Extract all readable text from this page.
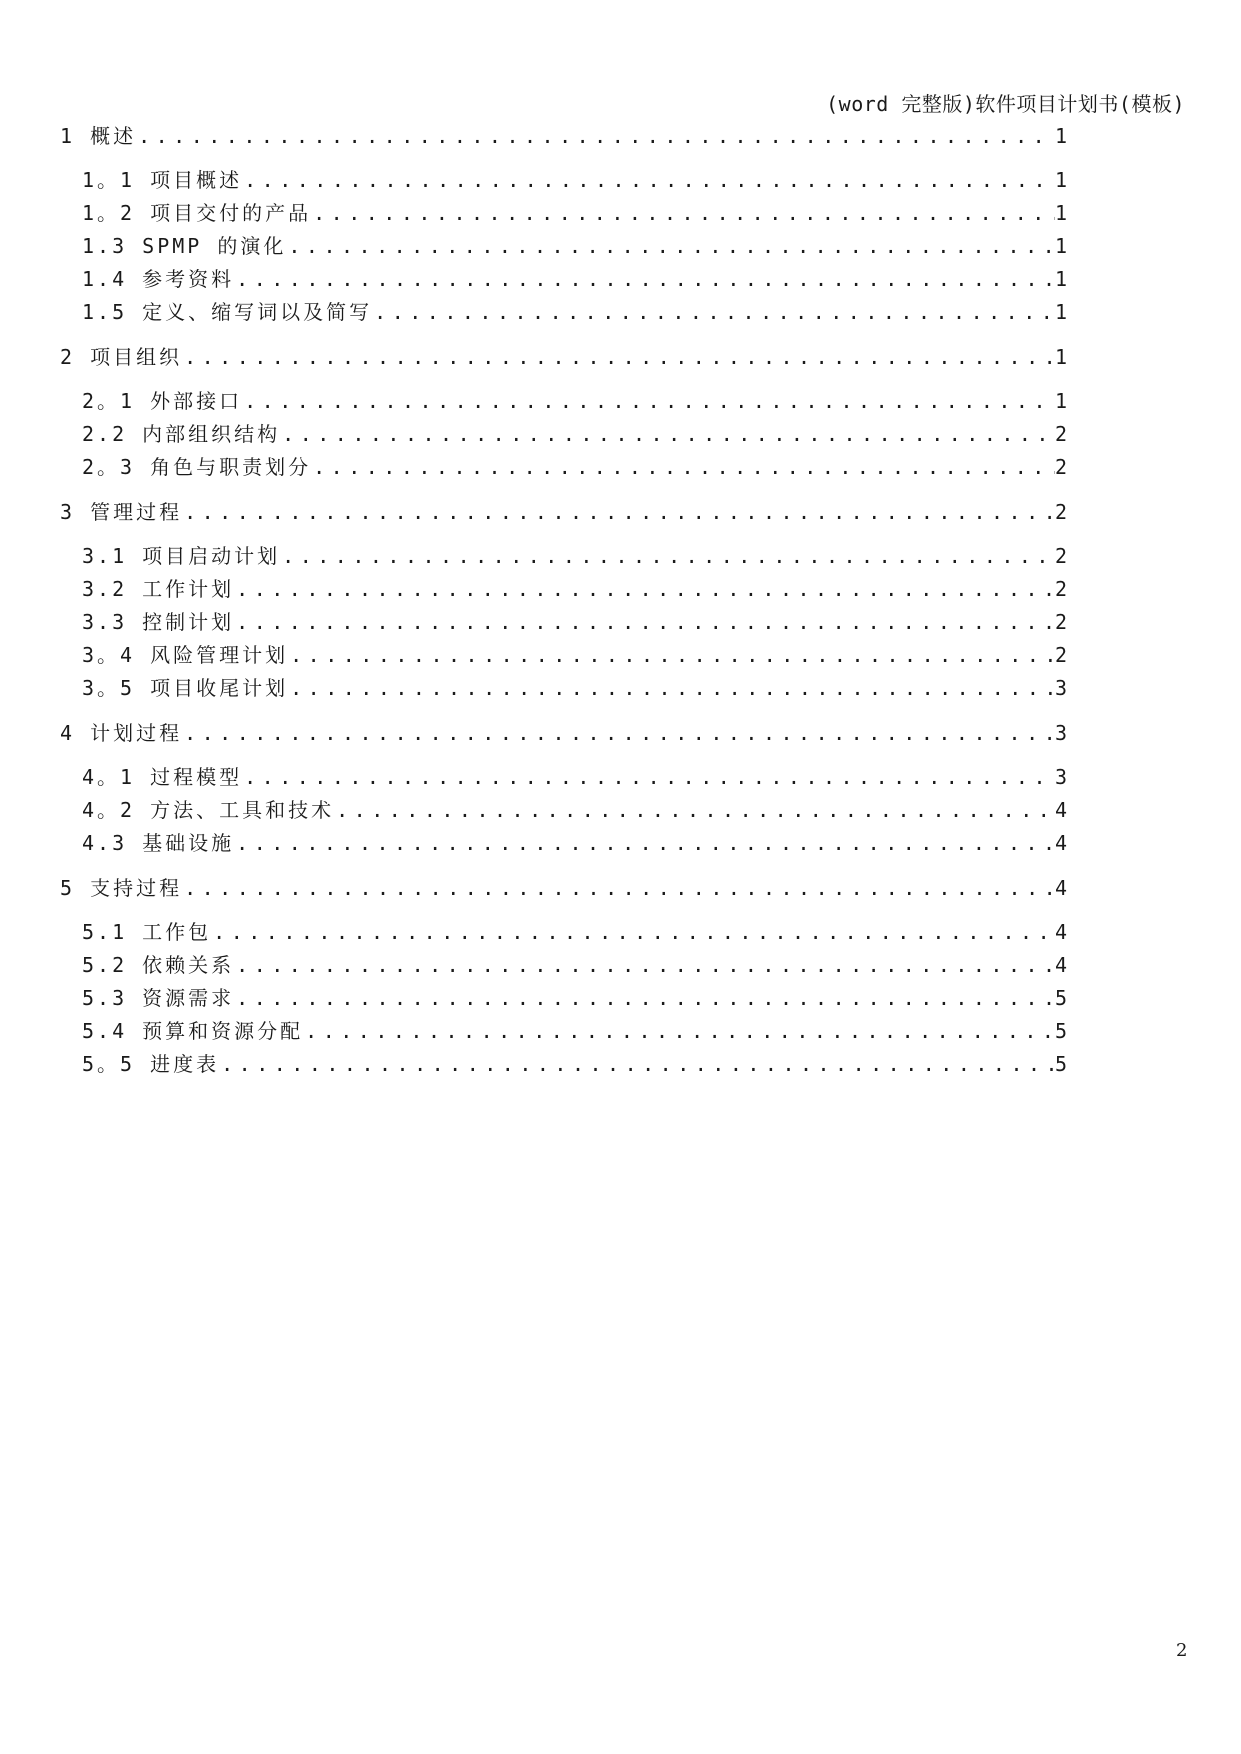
(word 完整版)软件项目计划书(模板)
1 概述 .....	1
1。1 项目概述 .....	1
1。2 项目交付的产品 .....	1
1.3 SPMP 的演化 .....	1
1.4 参考资料 .....	1
1.5 定义、缩写词以及简写 .....	1
2 项目组织 .....	1
2。1 外部接口 .....	1
2.2 内部组织结构 .....	2
2。3 角色与职责划分 .....	2
3 管理过程 .....	2
3.1 项目启动计划 .....	2
3.2 工作计划 .....	2
3.3 控制计划 .....	2
3。4 风险管理计划 .....	2
3。5 项目收尾计划 .....	3
4 计划过程 .....	3
4。1 过程模型 .....	3
4。2 方法、工具和技术 .....	4
4.3 基础设施 .....	4
5 支持过程 .....	4
5.1 工作包 .....	4
5.2 依赖关系 .....	4
5.3 资源需求 .....	5
5.4 预算和资源分配 .....	5
5。5 进度表 .....	5
2
